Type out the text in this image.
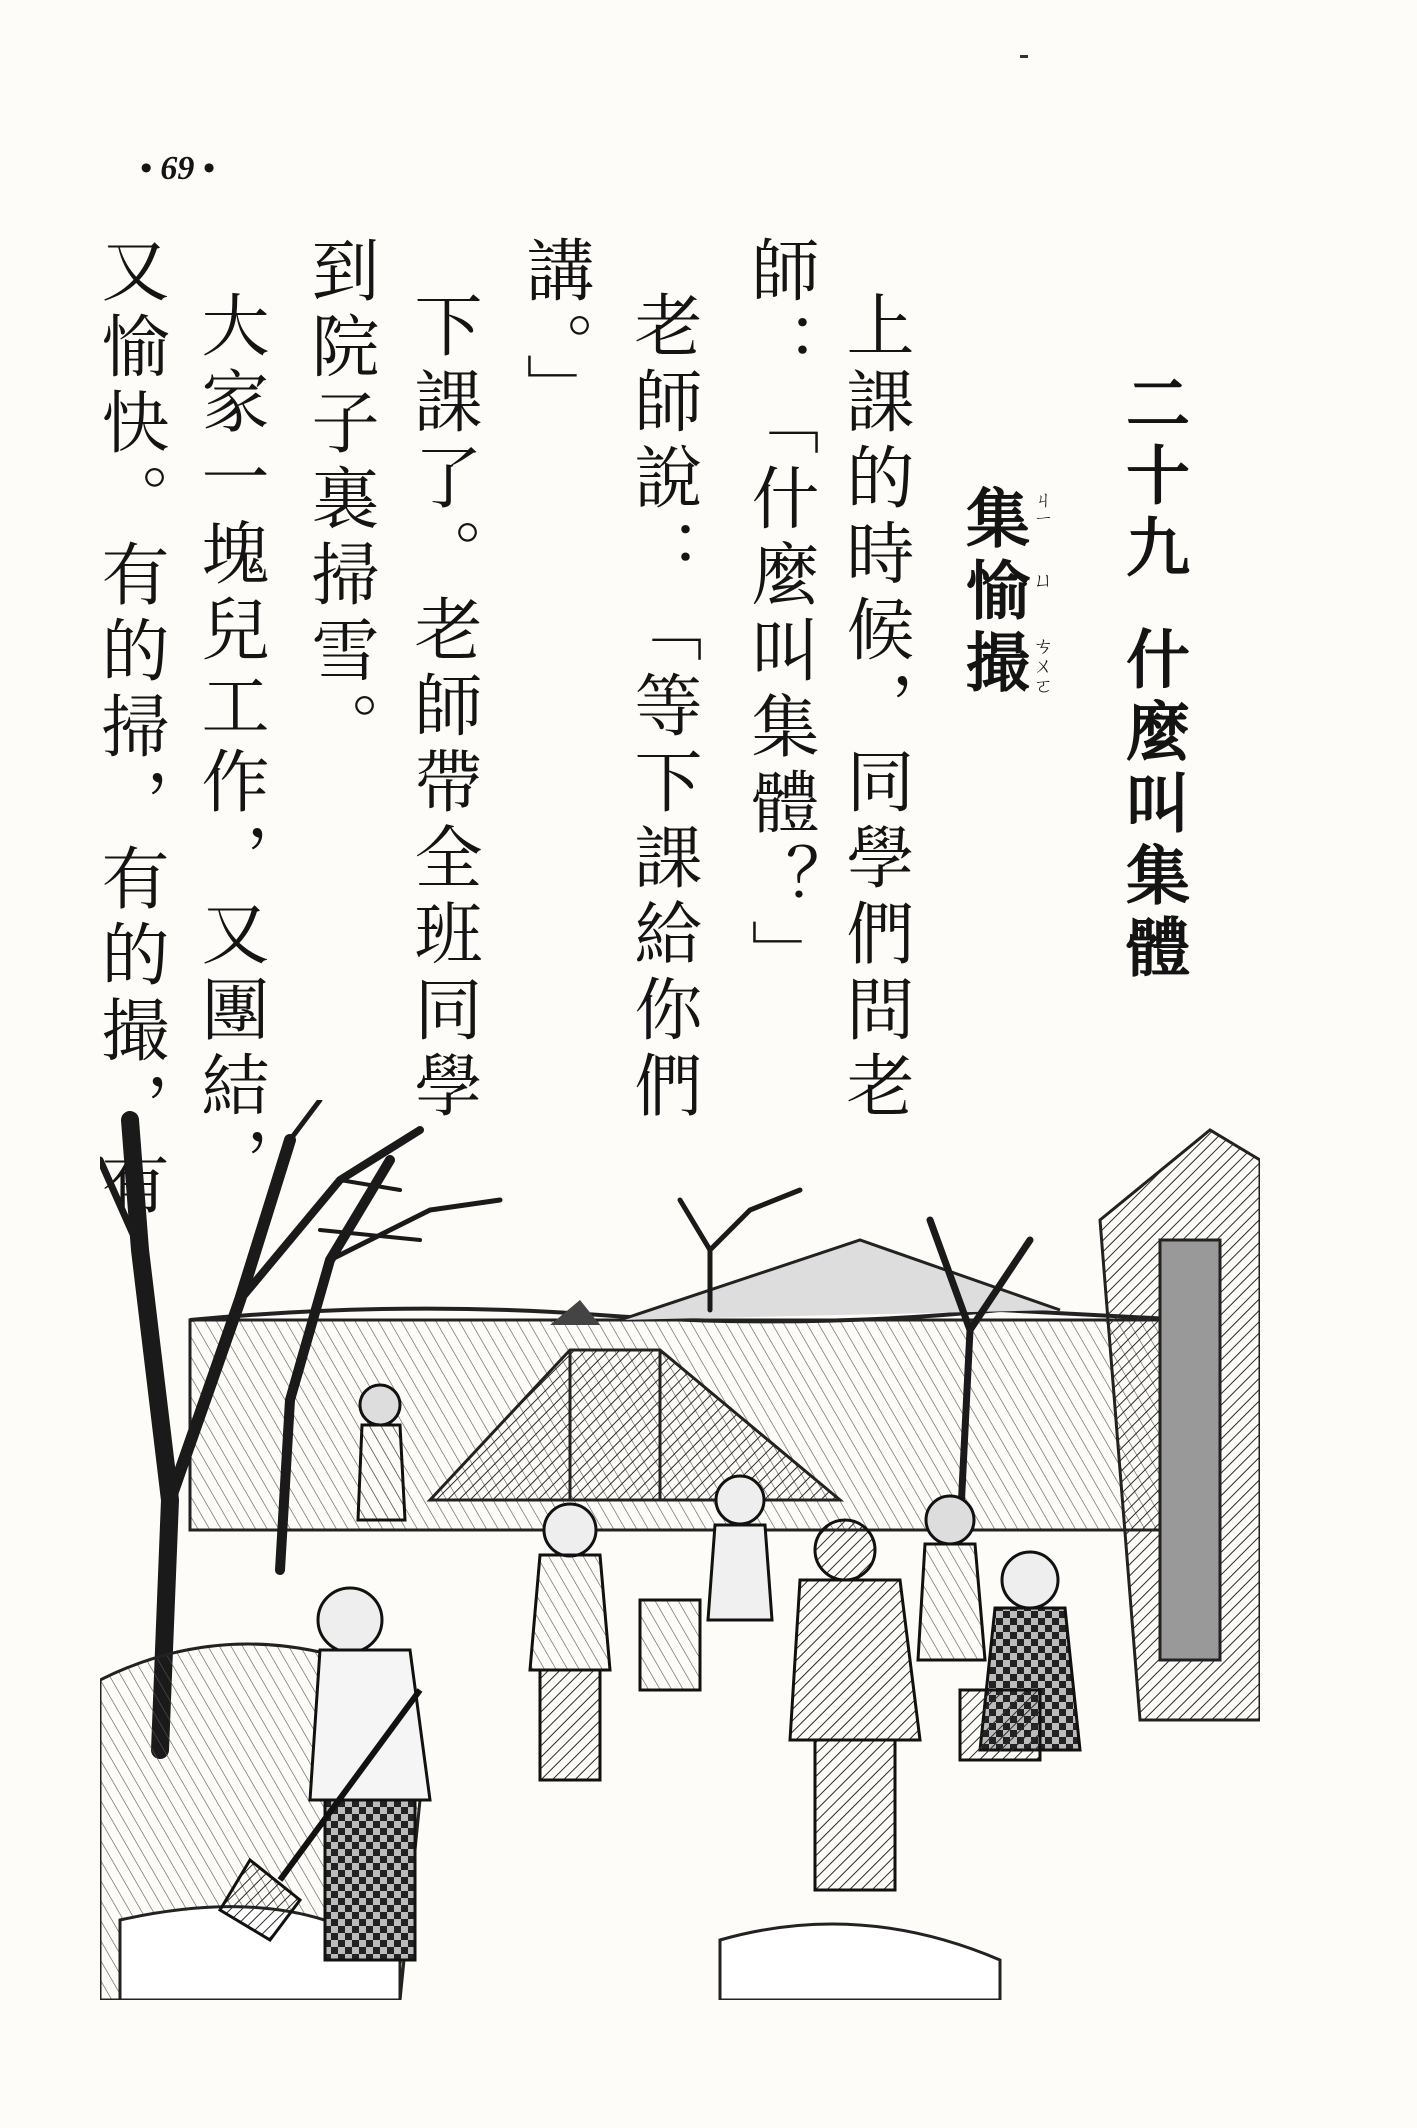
• 69 •
二十九什麼叫集體
集愉撮 ㄐㄧ
ㄩ
ㄘㄨㄛ
上課的時候，同學們問老
師：「什麼叫集體？」
老師說：「等下課給你們
講。」
下課了。老師帶全班同學
到院子裏掃雪。
大家一塊兒工作，又團結，
又愉快。有的掃，有的撮，有
